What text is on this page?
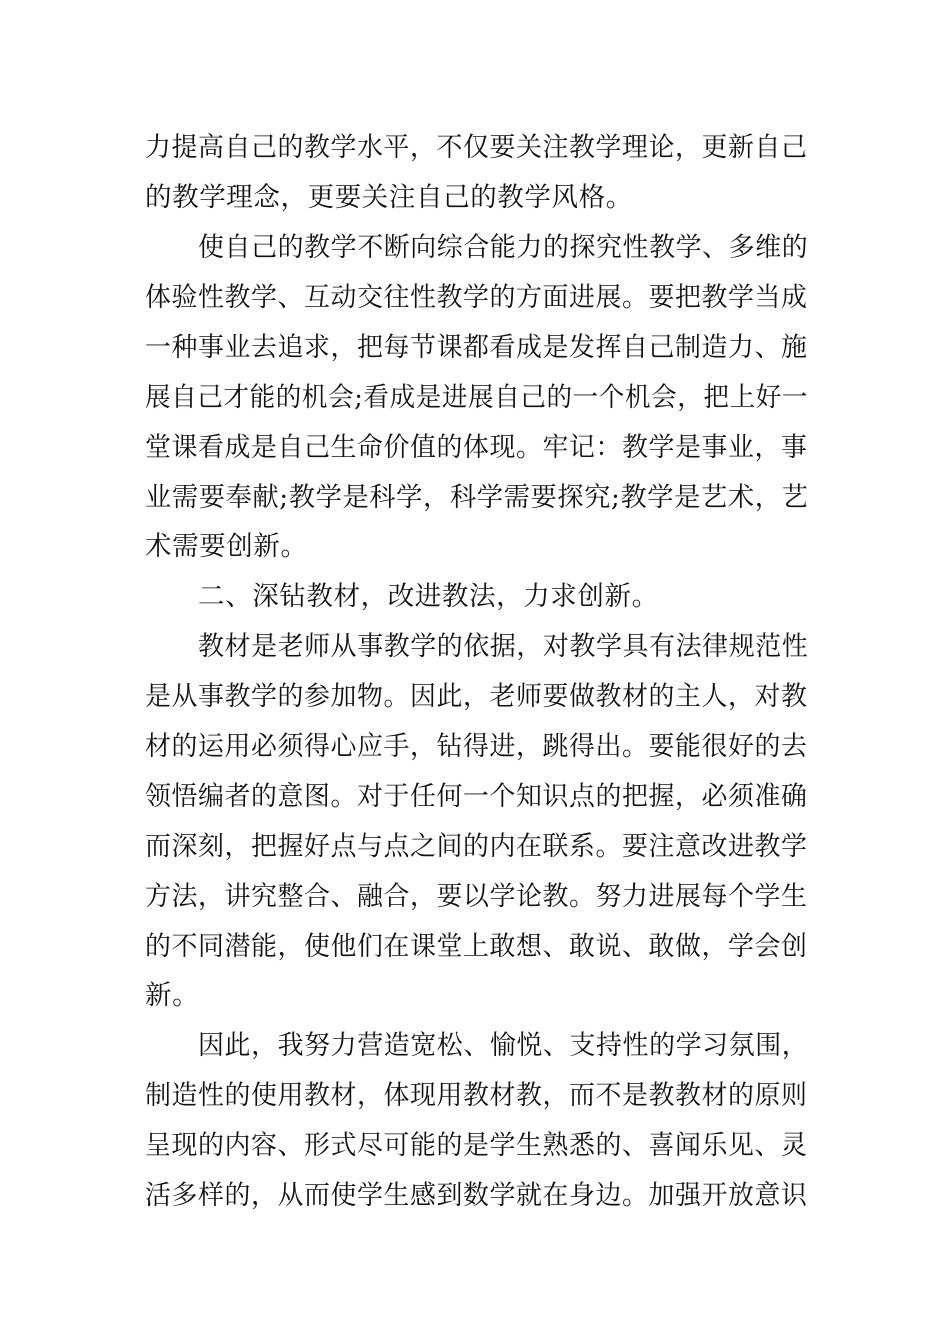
力提高自己的教学水平，不仅要关注教学理论，更新自己
的教学理念，更要关注自己的教学风格。
使自己的教学不断向综合能力的探究性教学、多维的
体验性教学、互动交往性教学的方面进展。要把教学当成
一种事业去追求，把每节课都看成是发挥自己制造力、施
展自己才能的机会;看成是进展自己的一个机会，把上好一
堂课看成是自己生命价值的体现。牢记：教学是事业，事
业需要奉献;教学是科学，科学需要探究;教学是艺术，艺
术需要创新。
二、深钻教材，改进教法，力求创新。
教材是老师从事教学的依据，对教学具有法律规范性
是从事教学的参加物。因此，老师要做教材的主人，对教
材的运用必须得心应手，钻得进，跳得出。要能很好的去
领悟编者的意图。对于任何一个知识点的把握，必须准确
而深刻，把握好点与点之间的内在联系。要注意改进教学
方法，讲究整合、融合，要以学论教。努力进展每个学生
的不同潜能，使他们在课堂上敢想、敢说、敢做，学会创
新。
因此，我努力营造宽松、愉悦、支持性的学习氛围，
制造性的使用教材，体现用教材教，而不是教教材的原则
呈现的内容、形式尽可能的是学生熟悉的、喜闻乐见、灵
活多样的，从而使学生感到数学就在身边。加强开放意识
